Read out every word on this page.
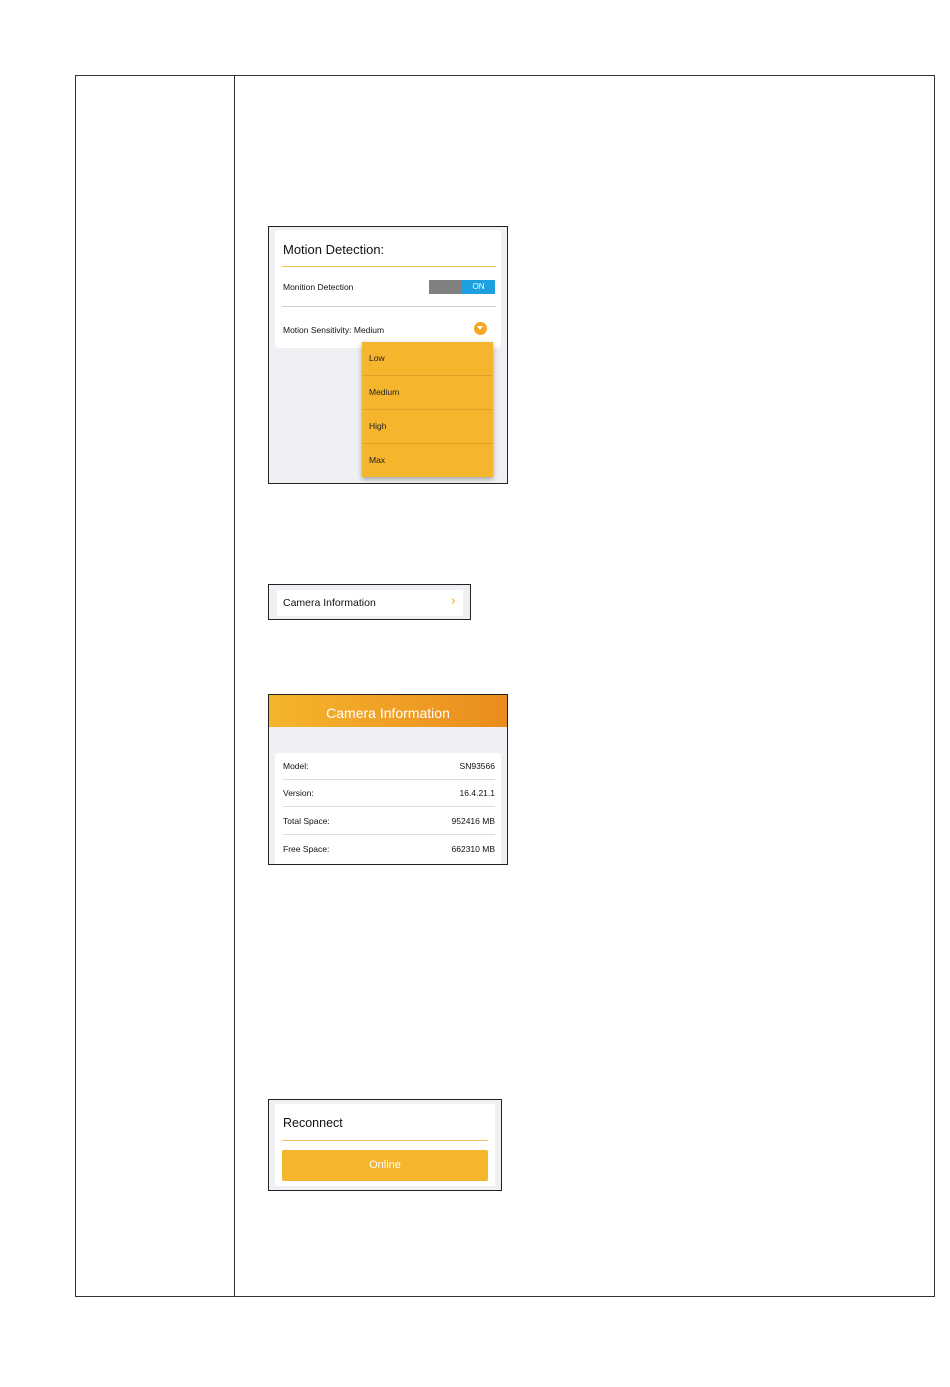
Motion Detection:
Monition Detection	ON
Motion Sensitivity: Medium
Low
Medium
High
Max
Camera Information	›
Camera Information
Model:	SN93566
Version:	16.4.21.1
Total Space:	952416 MB
Free Space:	662310 MB
Reconnect
Online
